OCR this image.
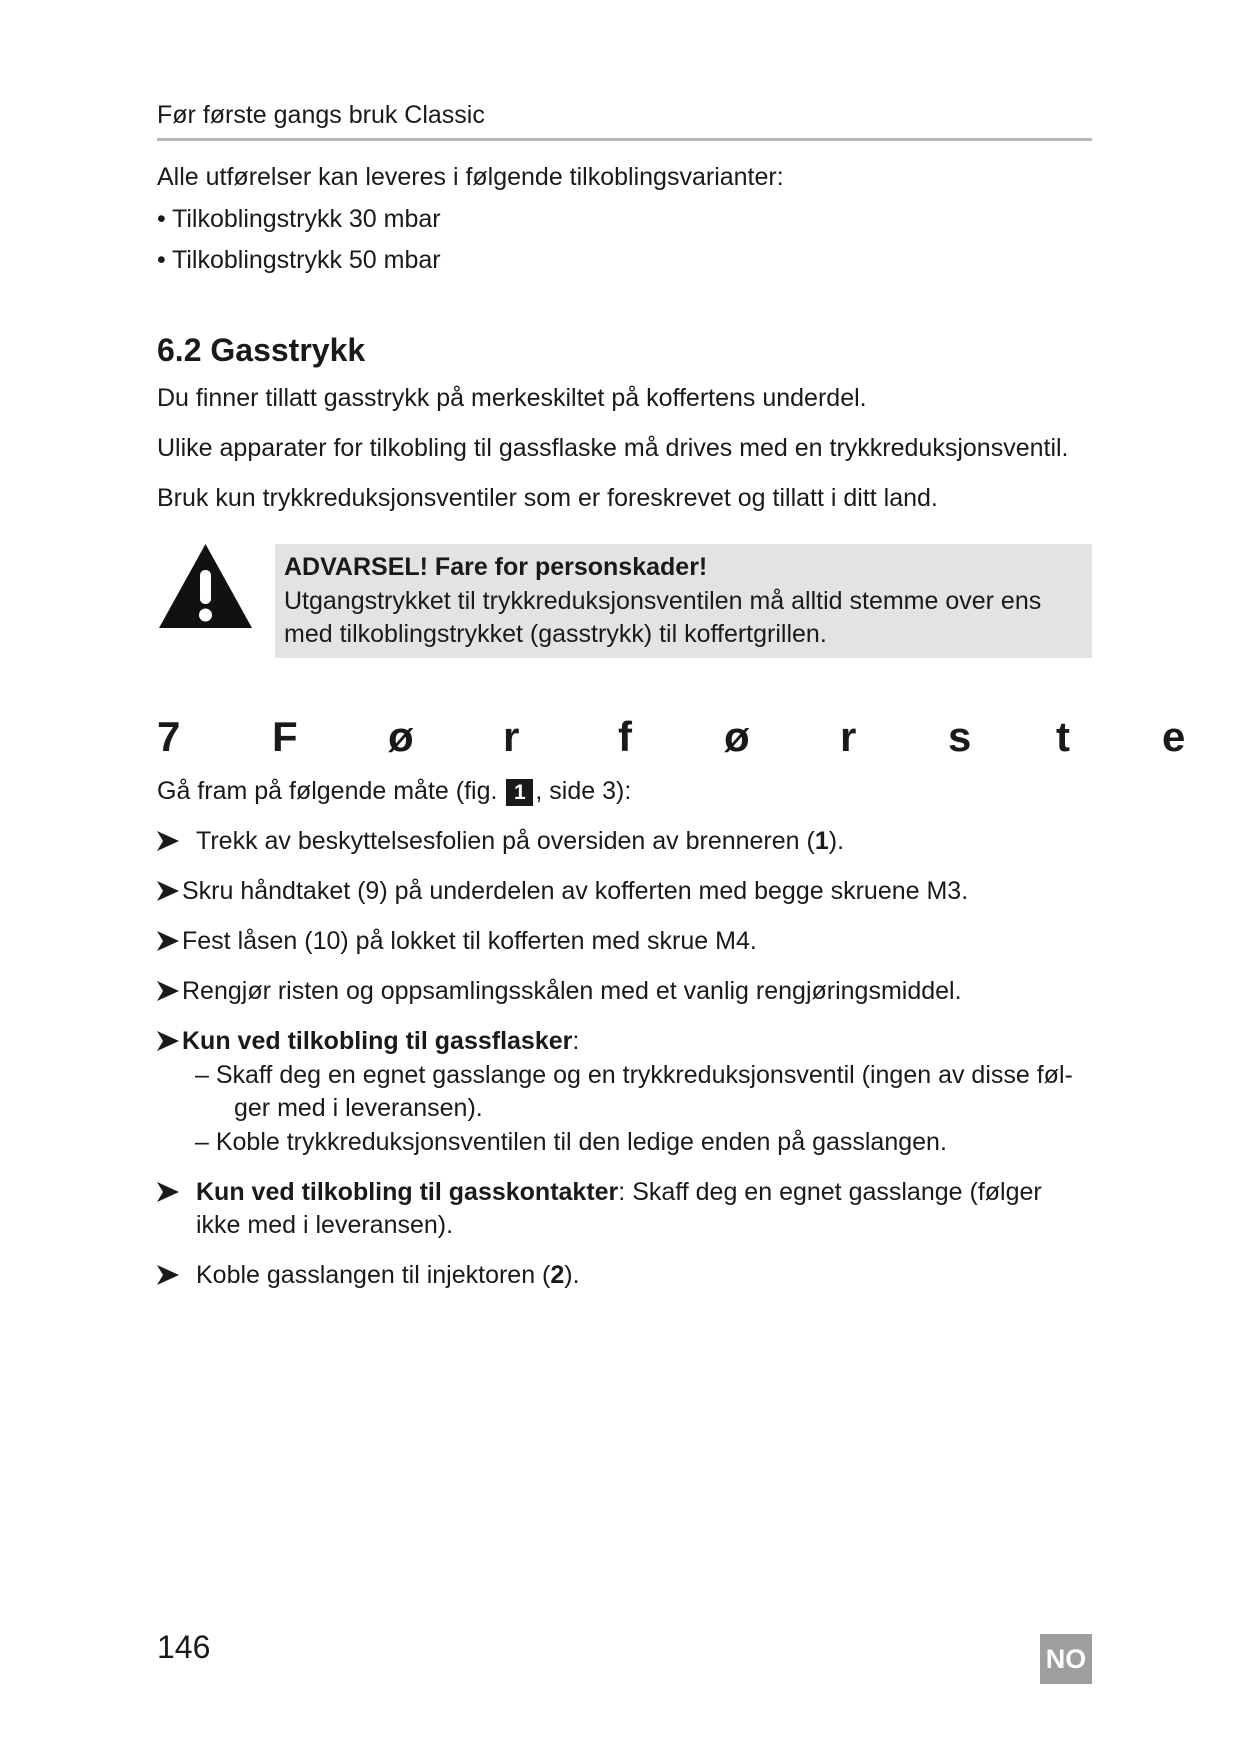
Før første gangs bruk Classic
Alle utførelser kan leveres i følgende tilkoblingsvarianter:
• Tilkoblingstrykk 30 mbar
• Tilkoblingstrykk 50 mbar
6.2 Gasstrykk
Du finner tillatt gasstrykk på merkeskiltet på koffertens underdel.
Ulike apparater for tilkobling til gassflaske må drives med en trykkreduksjonsventil.
Bruk kun trykkreduksjonsventiler som er foreskrevet og tillatt i ditt land.
ADVARSEL! Fare for personskader!
Utgangstrykket til trykkreduksjonsventilen må alltid stemme over ens
med tilkoblingstrykket (gasstrykk) til koffertgrillen.
7 F ø r f ø r s t e
Gå fram på følgende måte (fig. 1 , side 3):
Trekk av beskyttelsesfolien på oversiden av brenneren (1).
Skru håndtaket (9) på underdelen av kofferten med begge skruene M3.
Fest låsen (10) på lokket til kofferten med skrue M4.
Rengjør risten og oppsamlingsskålen med et vanlig rengjøringsmiddel.
Kun ved tilkobling til gassflasker:
– Skaff deg en egnet gasslange og en trykkreduksjonsventil (ingen av disse føl-
ger med i leveransen).
– Koble trykkreduksjonsventilen til den ledige enden på gasslangen.
Kun ved tilkobling til gasskontakter: Skaff deg en egnet gasslange (følger
ikke med i leveransen).
Koble gasslangen til injektoren (2).
146	NO
